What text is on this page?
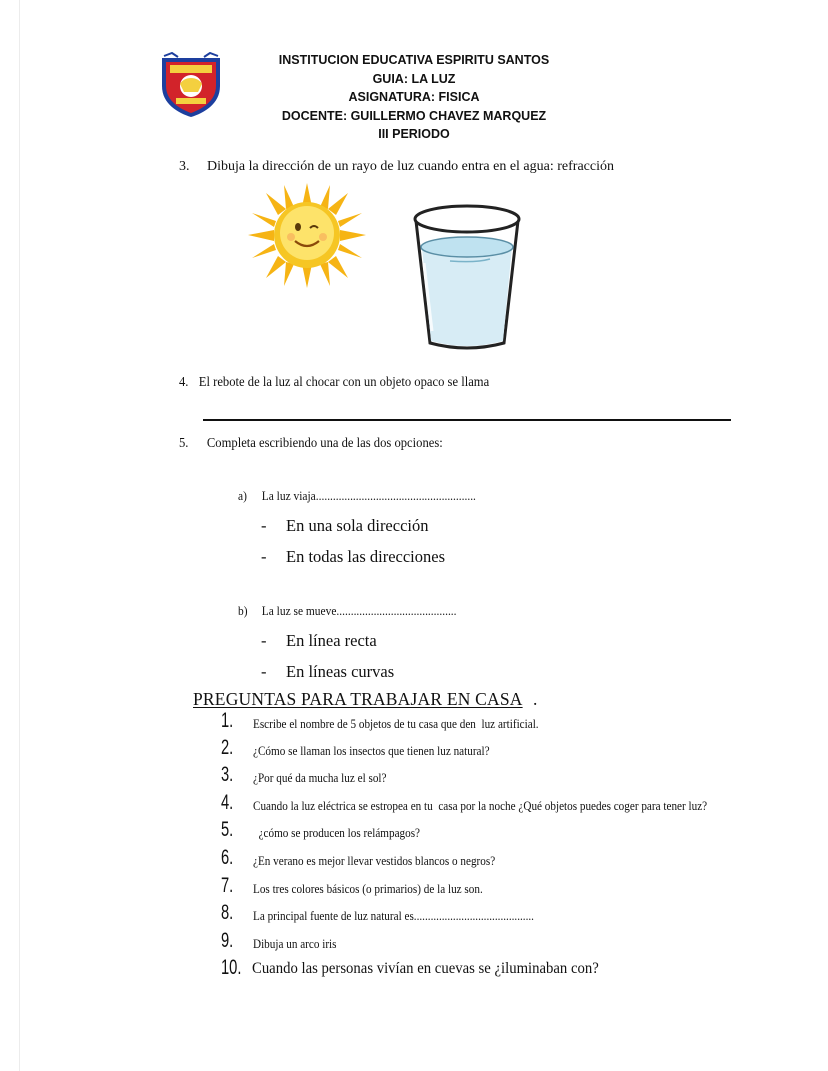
INSTITUCION EDUCATIVA ESPIRITU SANTOS
GUIA: LA LUZ
ASIGNATURA: FISICA
DOCENTE: GUILLERMO CHAVEZ MARQUEZ
III PERIODO
3. Dibuja la dirección de un rayo de luz cuando entra en el agua: refracción
4. El rebote de la luz al chocar con un objeto opaco se llama
5. Completa escribiendo una de las dos opciones:
a) La luz viaja........................................................
- En una sola dirección
- En todas las direcciones
b) La luz se mueve..........................................
- En línea recta
- En líneas curvas
PREGUNTAS PARA TRABAJAR EN CASA .
1. Escribe el nombre de 5 objetos de tu casa que den  luz artificial.
2. ¿Cómo se llaman los insectos que tienen luz natural?
3. ¿Por qué da mucha luz el sol?
4. Cuando la luz eléctrica se estropea en tu  casa por la noche ¿Qué objetos puedes coger para tener luz?
5. ¿cómo se producen los relámpagos?
6. ¿En verano es mejor llevar vestidos blancos o negros?
7. Los tres colores básicos (o primarios) de la luz son.
8. La principal fuente de luz natural es...........................................
9. Dibuja un arco iris
10. Cuando las personas vivían en cuevas se ¿iluminaban con?
